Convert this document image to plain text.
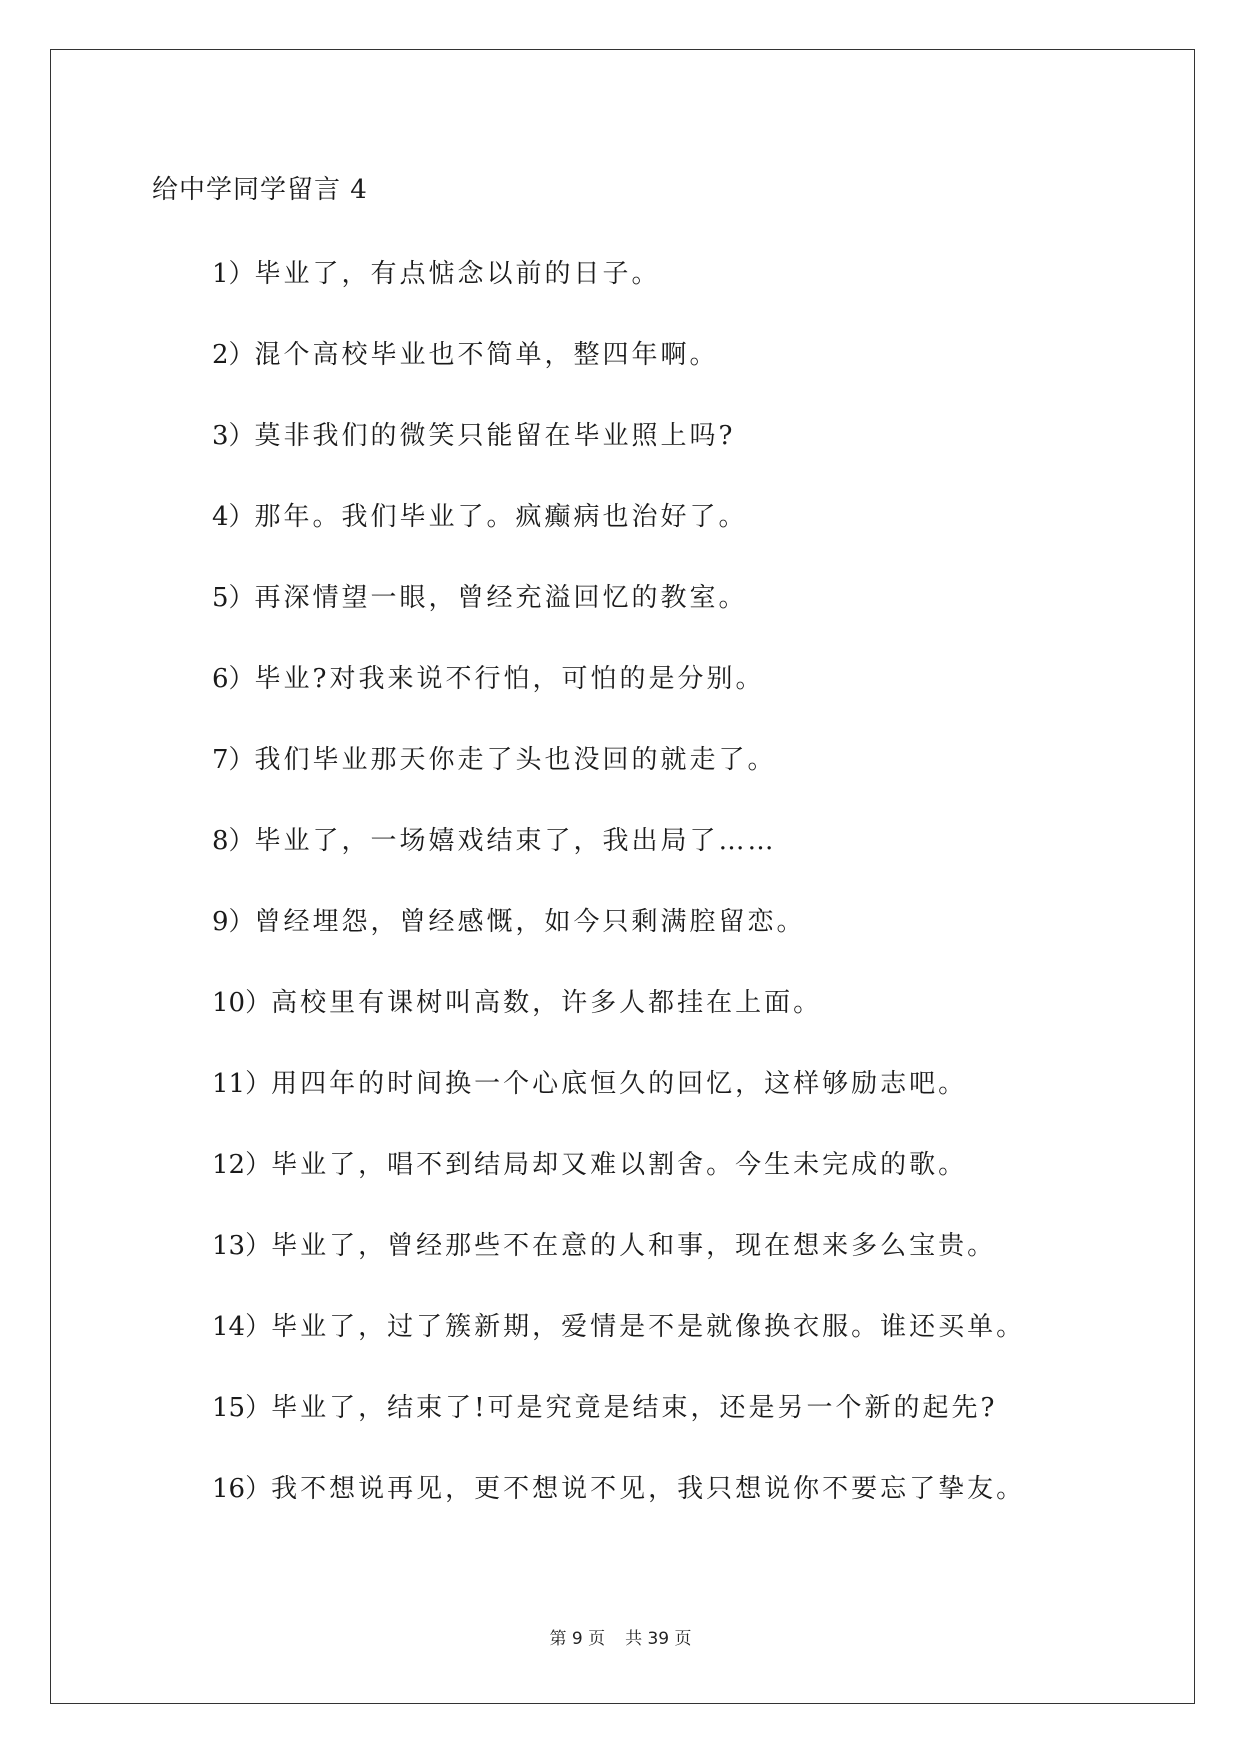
给中学同学留言 4
1）毕业了，有点惦念以前的日子。
2）混个高校毕业也不简单，整四年啊。
3）莫非我们的微笑只能留在毕业照上吗?
4）那年。我们毕业了。疯癫病也治好了。
5）再深情望一眼，曾经充溢回忆的教室。
6）毕业?对我来说不行怕，可怕的是分别。
7）我们毕业那天你走了头也没回的就走了。
8）毕业了，一场嬉戏结束了，我出局了……
9）曾经埋怨，曾经感慨，如今只剩满腔留恋。
10）高校里有课树叫高数，许多人都挂在上面。
11）用四年的时间换一个心底恒久的回忆，这样够励志吧。
12）毕业了，唱不到结局却又难以割舍。今生未完成的歌。
13）毕业了，曾经那些不在意的人和事，现在想来多么宝贵。
14）毕业了，过了簇新期，爱情是不是就像换衣服。谁还买单。
15）毕业了，结束了!可是究竟是结束，还是另一个新的起先?
16）我不想说再见，更不想说不见，我只想说你不要忘了挚友。
第 9 页 共 39 页
